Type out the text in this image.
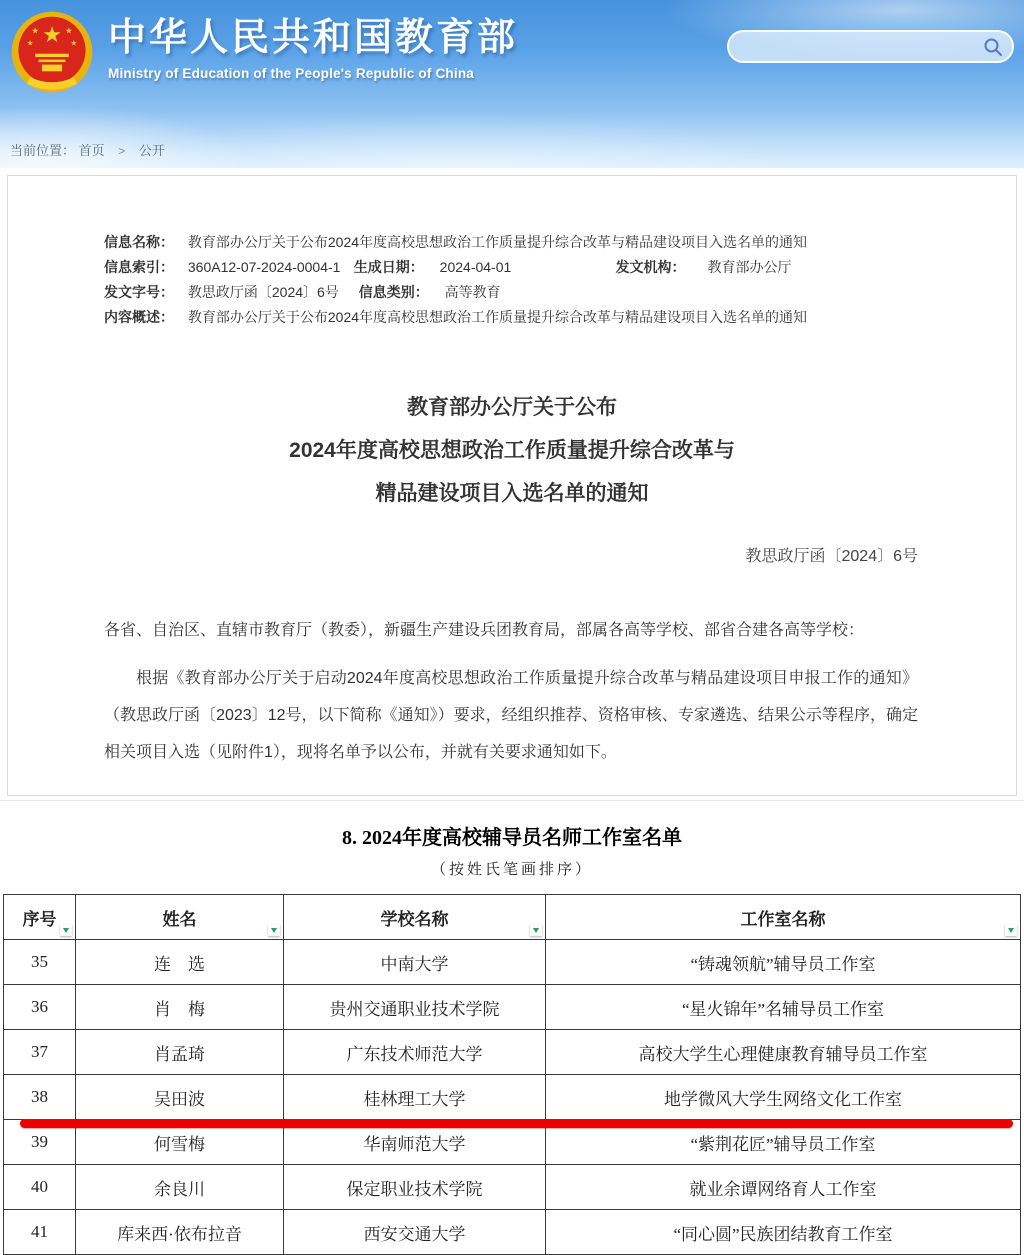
★
★	★
★	★ 中华人民共和国教育部
Ministry of Education of the People's Republic of China
当前位置： 首页 > 公开
信息名称： 教育部办公厅关于公布2024年度高校思想政治工作质量提升综合改革与精品建设项目入选名单的通知
信息索引： 360A12-07-2024-0004-1 生成日期： 2024-04-01	发文机构： 教育部办公厅
发文字号： 教思政厅函〔2024〕6号 信息类别： 高等教育
内容概述： 教育部办公厅关于公布2024年度高校思想政治工作质量提升综合改革与精品建设项目入选名单的通知
教育部办公厅关于公布
2024年度高校思想政治工作质量提升综合改革与
精品建设项目入选名单的通知
教思政厅函〔2024〕6号
各省、自治区、直辖市教育厅（教委），新疆生产建设兵团教育局，部属各高等学校、部省合建各高等学校：
根据《教育部办公厅关于启动2024年度高校思想政治工作质量提升综合改革与精品建设项目申报工作的通知》（教思政厅函〔2023〕12号，以下简称《通知》）要求，经组织推荐、资格审核、专家遴选、结果公示等程序，确定相关项目入选（见附件1），现将名单予以公布，并就有关要求通知如下。
8. 2024年度高校辅导员名师工作室名单
（按姓氏笔画排序）
序号	姓名	学校名称	工作室名称

35	连　选	中南大学	“铸魂领航”辅导员工作室
36	肖　梅	贵州交通职业技术学院	“星火锦年”名辅导员工作室
37	肖孟琦	广东技术师范大学	高校大学生心理健康教育辅导员工作室
38	吴田波	桂林理工大学	地学微风大学生网络文化工作室
39	何雪梅	华南师范大学	“紫荆花匠”辅导员工作室
40	余良川	保定职业技术学院	就业余谭网络育人工作室
41	库来西·依布拉音	西安交通大学	“同心圆”民族团结教育工作室
